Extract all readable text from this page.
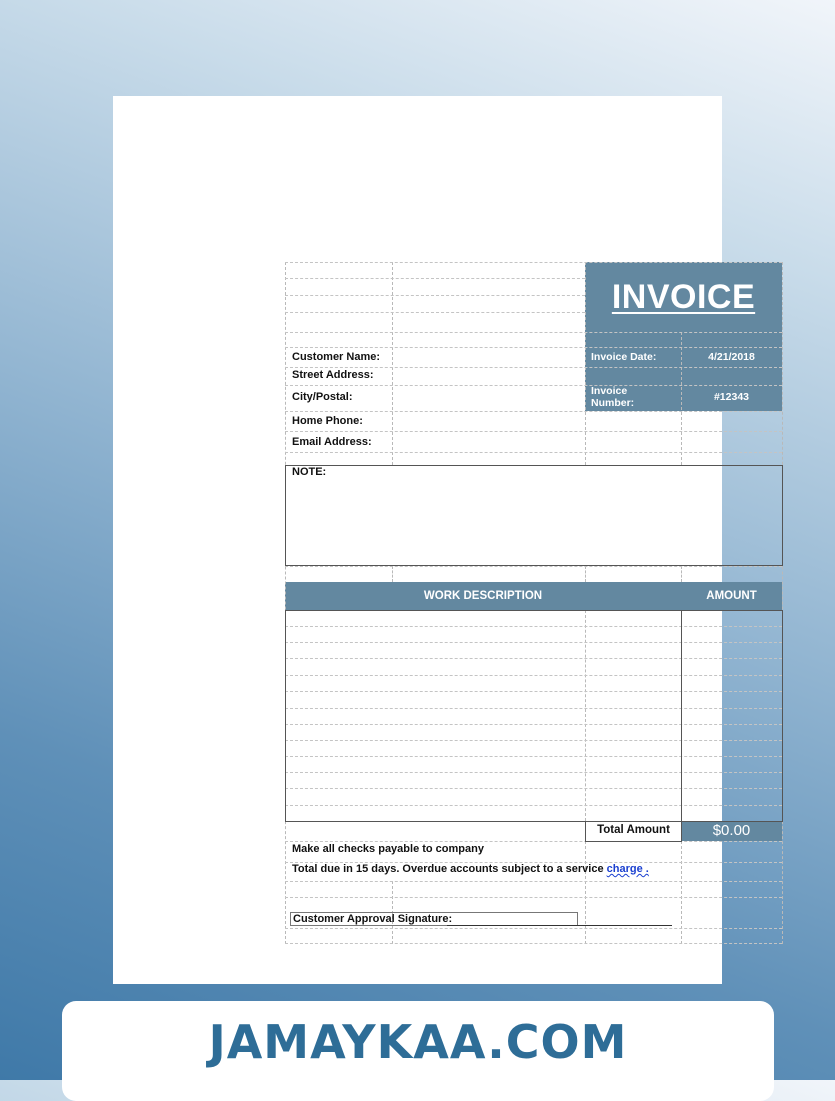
INVOICE
Customer Name:
Street Address:
City/Postal:
Home Phone:
Email Address:
NOTE:
Invoice Date:	4/21/2018
Invoice Number:	#12343
WORK DESCRIPTION	AMOUNT
Total Amount	$0.00
Make all checks payable to company
Total due in 15 days. Overdue accounts subject to a service charge .
Customer Approval Signature:
JAMAYKAA.COM
